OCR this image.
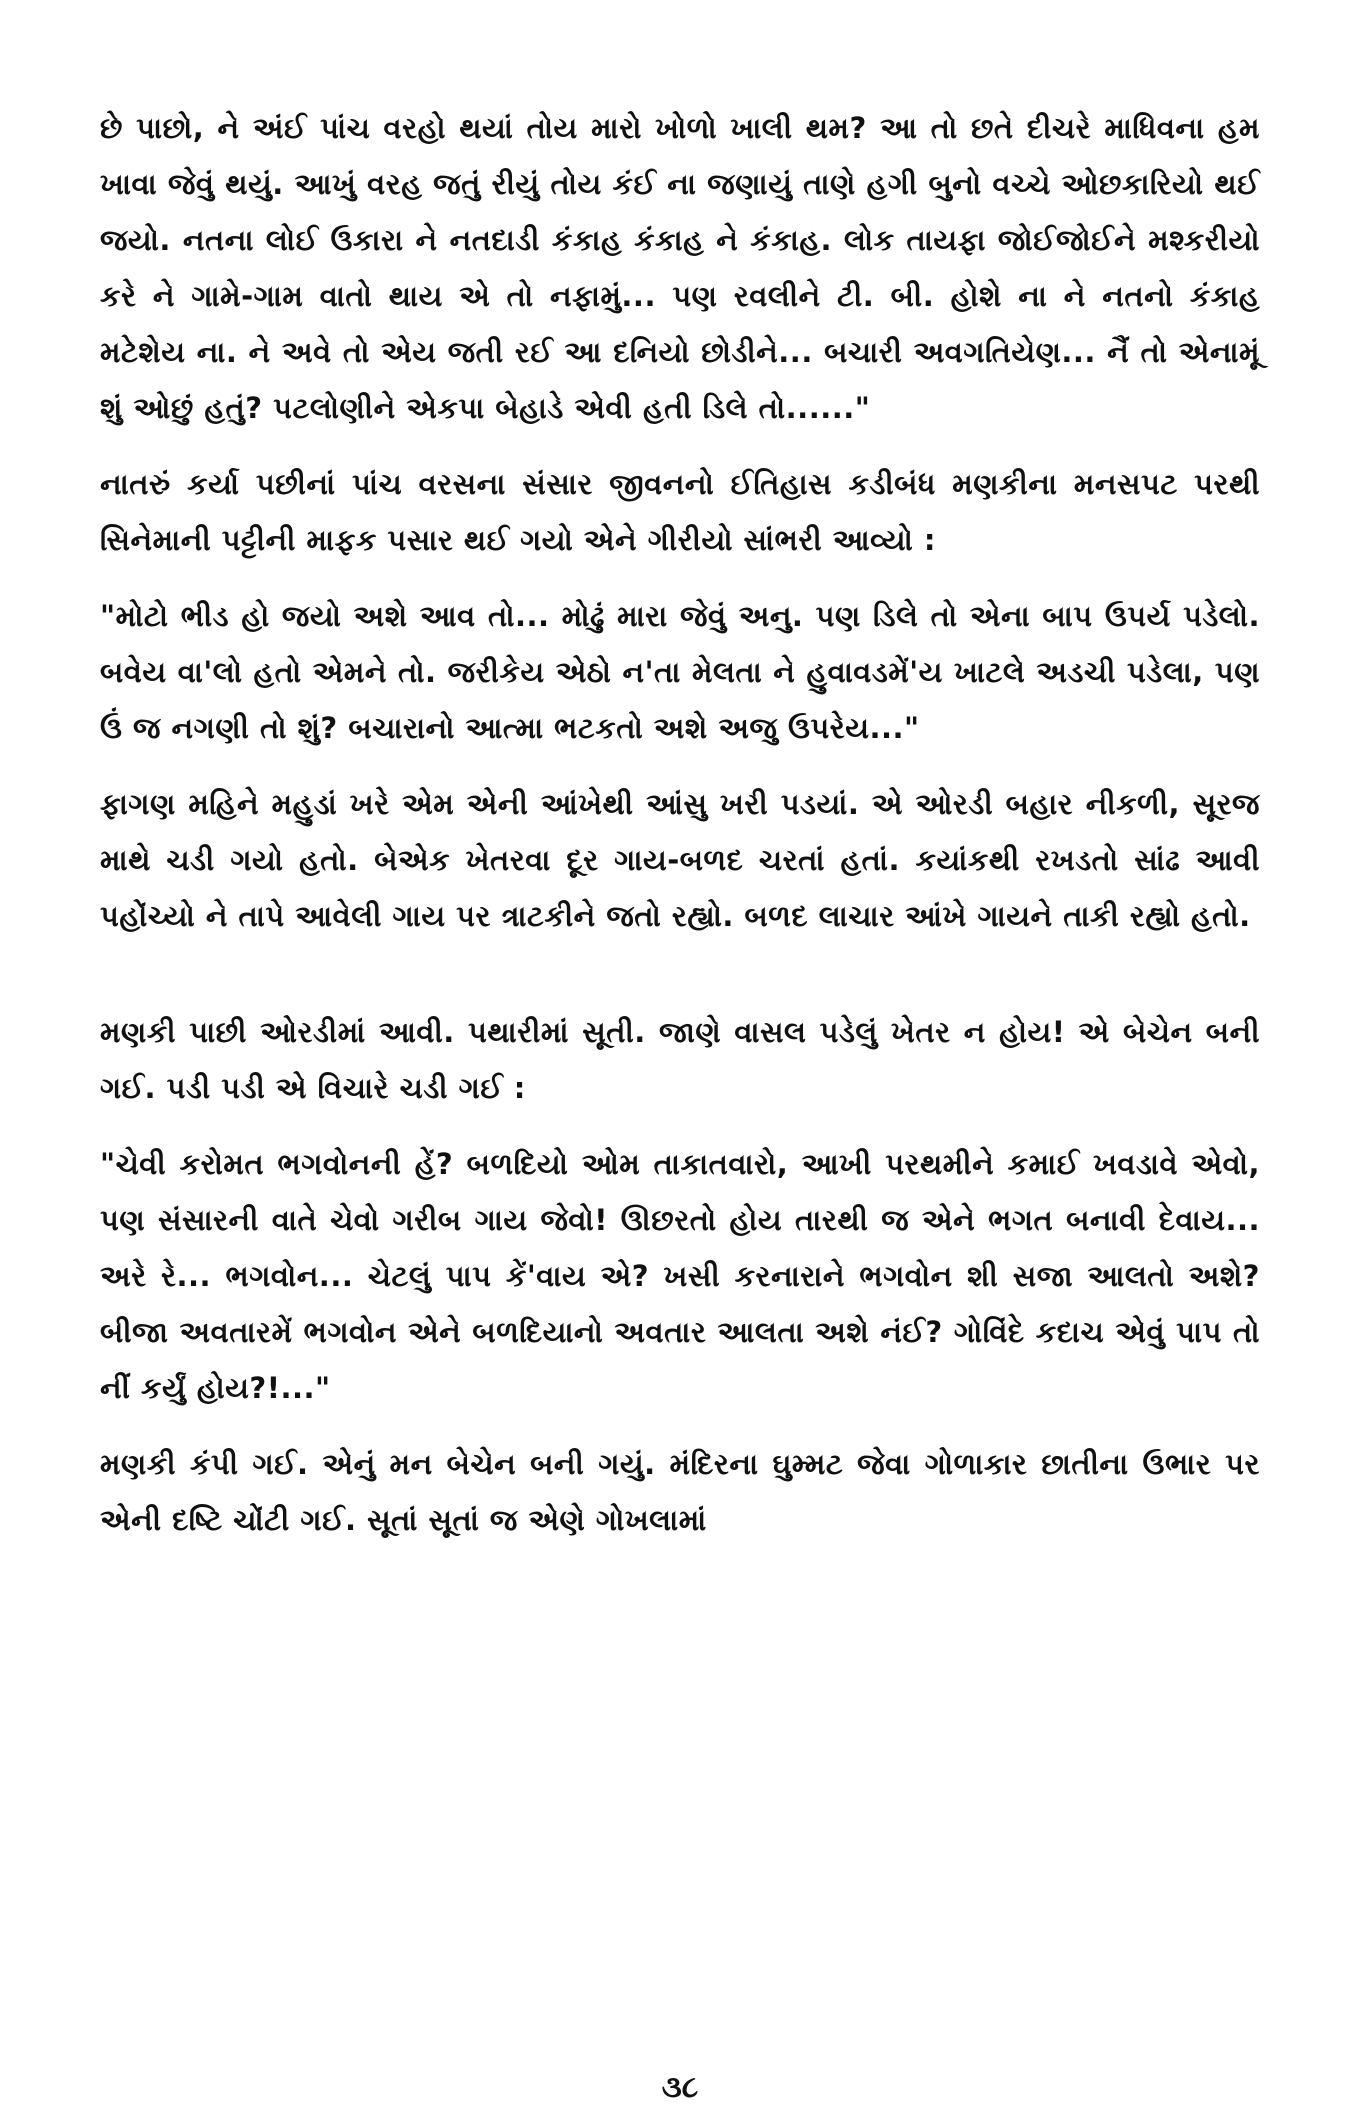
છે પાછો, ને અંઈ પાંચ વરહો થયાં તોય મારો ખોળો ખાલી થમ? આ તો છતે દીચરે માધિવના હમ ખાવા જેવું થયું. આખું વરહ જતું રીયું તોય કંઈ ના જણાયું તાણે હગી બુનો વચ્ચે ઓછકારિયો થઈ જયો. નતના લોઈ ઉકારા ને નતદાડી કંકાહ કંકાહ ને કંકાહ. લોક તાયફા જોઈજોઈને મશ્કરીયો કરે ને ગામે-ગામ વાતો થાય એ તો નફામું... પણ રવલીને ટી. બી. હોશે ના ને નતનો કંકાહ મટેશેય ના. ને અવે તો એય જતી રઈ આ દનિયો છોડીને... બચારી અવગતિયેણ... નૈં તો એનામૂં શું ઓછું હતું? પટલોણીને એકપા બેહાડે એવી હતી ડિલે તો......"

નાતરું કર્યા પછીનાં પાંચ વરસના સંસાર જીવનનો ઈતિહાસ કડીબંધ મણકીના મનસપટ પરથી સિનેમાની પટ્ટીની માફક પસાર થઈ ગયો એને ગીરીયો સાંભરી આવ્યો :

"મોટો ભીડ હો જયો અશે આવ તો... મોઢું મારા જેવું અનુ. પણ ડિલે તો એના બાપ ઉપર્ય પડેલો. બવેય વા'લો હતો એમને તો. જરીકેય એઠો ન'તા મેલતા ને હુવાવડમેં'ય ખાટલે અડચી પડેલા, પણ ઉં જ નગણી તો શું? બચારાનો આત્મા ભટકતો અશે અજુ ઉપરેય..."

ફાગણ મહિને મહુડાં ખરે એમ એની આંખેથી આંસુ ખરી પડયાં. એ ઓરડી બહાર નીકળી, સૂરજ માથે ચડી ગયો હતો. બેએક ખેતરવા દૂર ગાય-બળદ ચરતાં હતાં. કયાંકથી રખડતો સાંઢ આવી પહોંચ્યો ને તાપે આવેલી ગાય પર ત્રાટકીને જતો રહ્યો. બળદ લાચાર આંખે ગાયને તાકી રહ્યો હતો.

મણકી પાછી ઓરડીમાં આવી. પથારીમાં સૂતી. જાણે વાસલ પડેલું ખેતર ન હોય! એ બેચેન બની ગઈ. પડી પડી એ વિચારે ચડી ગઈ :

"ચેવી કરોમત ભગવોનની હેં? બળદિયો ઓમ તાકાતવારો, આખી પરથમીને કમાઈ ખવડાવે એવો, પણ સંસારની વાતે ચેવો ગરીબ ગાય જેવો! ઊછરતો હોય તારથી જ એને ભગત બનાવી દેવાય... અરે રે... ભગવોન... ચેટલું પાપ કેં'વાય એ? ખસી કરનારાને ભગવોન શી સજા આલતો અશે? બીજા અવતારમેં ભગવોન એને બળદિયાનો અવતાર આલતા અશે નંઈ? ગોવિંદે કદાચ એવું પાપ તો નીં કર્યું હોય?!..."

મણકી કંપી ગઈ. એનું મન બેચેન બની ગયું. મંદિરના ઘુમ્મટ જેવા ગોળાકાર છાતીના ઉભાર પર એની દષ્ટિ ચોંટી ગઈ. સૂતાં સૂતાં જ એણે ગોખલામાં

૩૮
